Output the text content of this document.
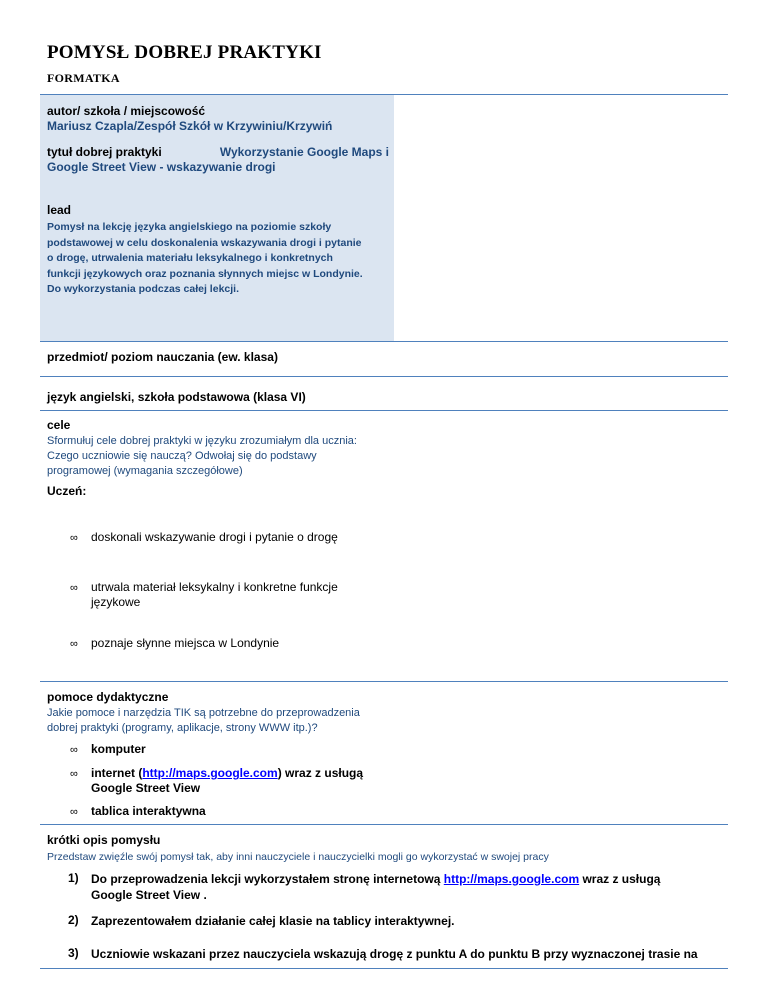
POMYSŁ DOBREJ PRAKTYKI
FORMATKA
autor/ szkoła / miejscowość
Mariusz Czapla/Zespół Szkół w Krzywiniu/Krzywiń
tytuł dobrej praktyki	Wykorzystanie Google Maps i
Google Street View - wskazywanie drogi
lead
Pomysł na lekcję języka angielskiego na poziomie szkoły
podstawowej w celu doskonalenia wskazywania drogi i pytanie
o drogę, utrwalenia materiału leksykalnego i konkretnych
funkcji językowych oraz poznania słynnych miejsc w Londynie.
Do wykorzystania podczas całej lekcji.
przedmiot/ poziom nauczania (ew. klasa)
język angielski, szkoła podstawowa (klasa VI)
cele
Sformułuj cele dobrej praktyki w języku zrozumiałym dla ucznia:
Czego uczniowie się nauczą? Odwołaj się do podstawy
programowej (wymagania szczegółowe)
Uczeń:
∞ doskonali wskazywanie drogi i pytanie o drogę
∞ utrwala materiał leksykalny i konkretne funkcje
językowe
∞ poznaje słynne miejsca w Londynie
pomoce dydaktyczne
Jakie pomoce i narzędzia TIK są potrzebne do przeprowadzenia
dobrej praktyki (programy, aplikacje, strony WWW itp.)?
∞ komputer
∞ internet (http://maps.google.com) wraz z usługą
Google Street View
∞ tablica interaktywna
krótki opis pomysłu
Przedstaw zwięźle swój pomysł tak, aby inni nauczyciele i nauczycielki mogli go wykorzystać w swojej pracy
1) Do przeprowadzenia lekcji wykorzystałem stronę internetową http://maps.google.com wraz z usługą
Google Street View .
2) Zaprezentowałem działanie całej klasie na tablicy interaktywnej.
3) Uczniowie wskazani przez nauczyciela wskazują drogę z punktu A do punktu B przy wyznaczonej trasie na
